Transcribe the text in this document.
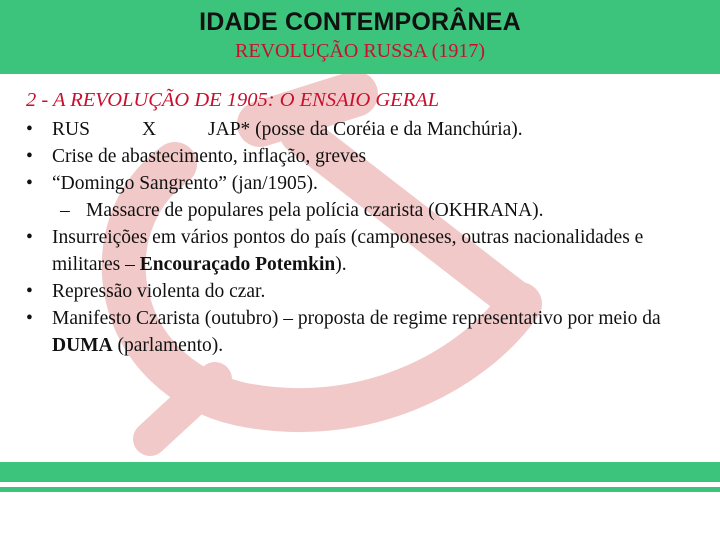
IDADE CONTEMPORÂNEA
REVOLUÇÃO RUSSA (1917)
2 - A REVOLUÇÃO DE 1905: O ENSAIO GERAL
• RUS	X	JAP* (posse da Coréia e da Manchúria).
• Crise de abastecimento, inflação, greves
• “Domingo Sangrento” (jan/1905).
– Massacre de populares pela polícia czarista (OKHRANA).
• Insurreições em vários pontos do país (camponeses, outras nacionalidades e militares – Encouraçado Potemkin).
• Repressão violenta do czar.
• Manifesto Czarista (outubro) – proposta de regime representativo por meio da DUMA (parlamento).
